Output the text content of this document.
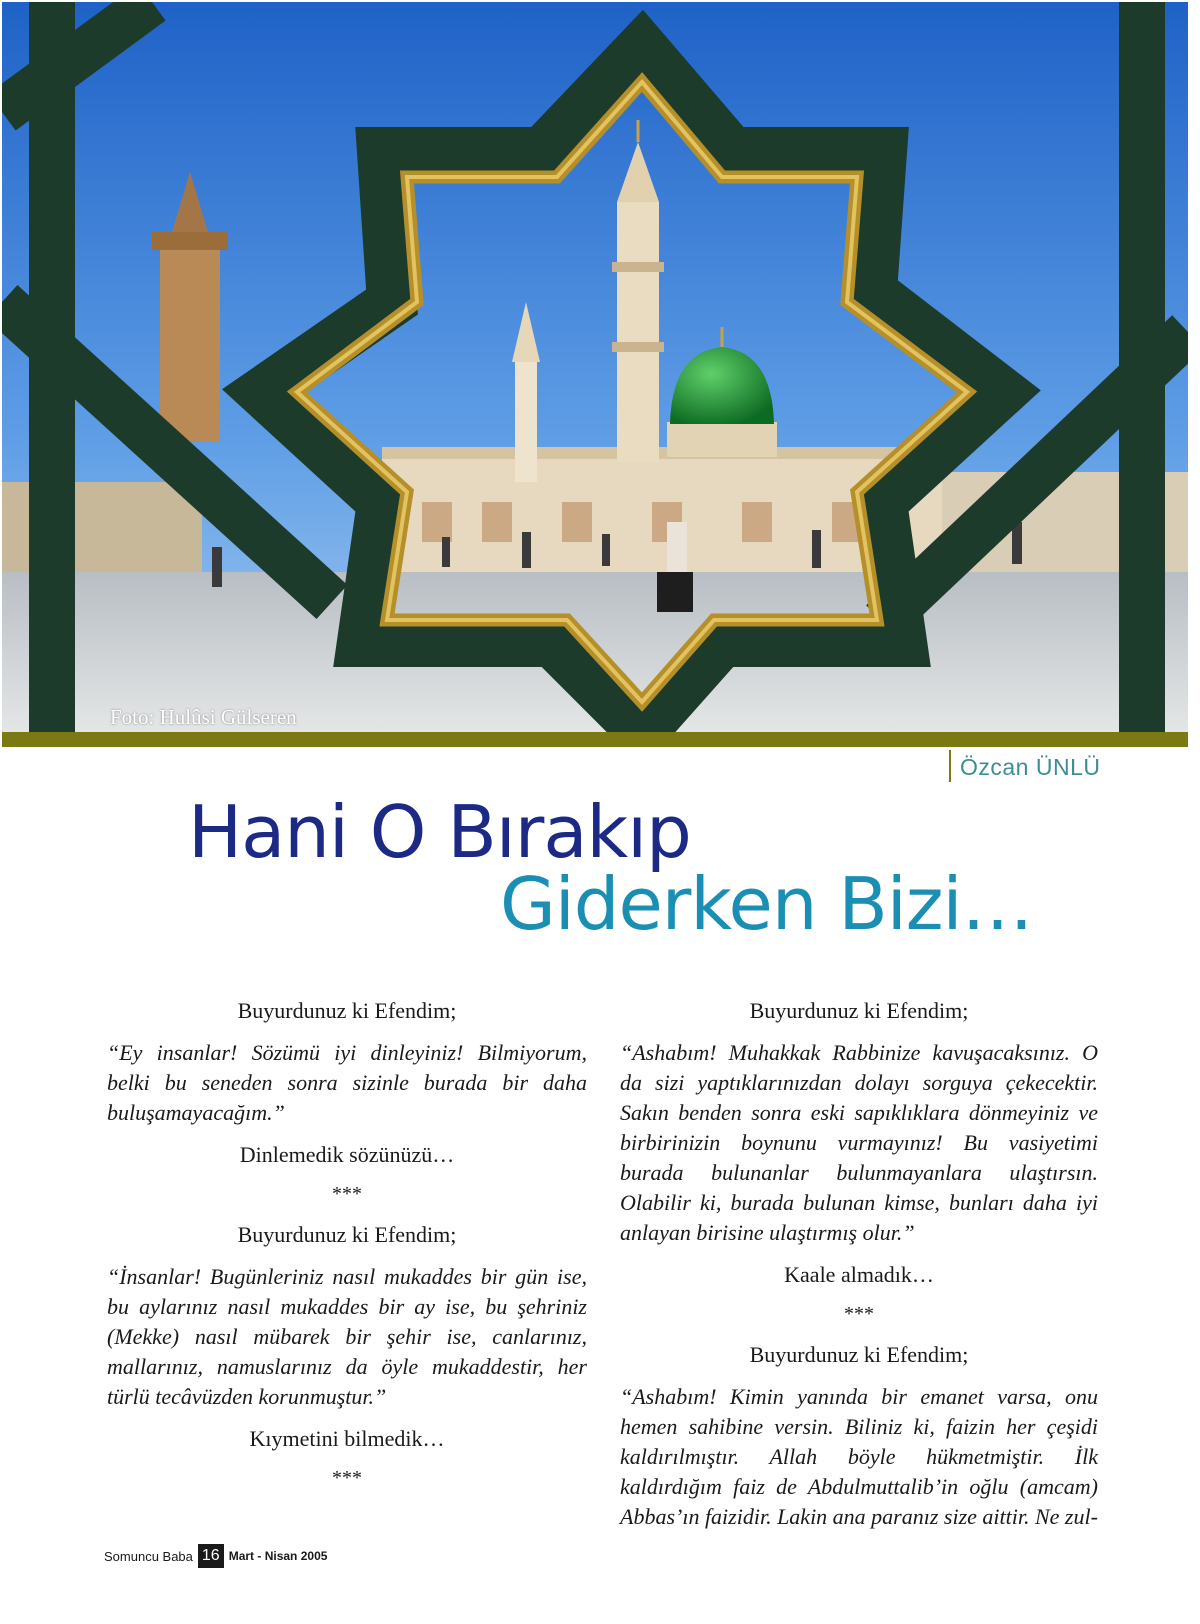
Foto: Hulûsi Gülseren
Özcan ÜNLÜ
Hani O Bırakıp
Giderken Bizi…

Buyurdunuz ki Efendim;

“Ey insanlar! Sözümü iyi dinleyiniz! Bilmiyorum, belki bu seneden sonra sizinle burada bir daha buluşamayacağım.”

Dinlemedik sözünüzü…

***

Buyurdunuz ki Efendim;

“İnsanlar! Bugünleriniz nasıl mukaddes bir gün ise, bu aylarınız nasıl mukaddes bir ay ise, bu şehriniz (Mekke) nasıl mübarek bir şehir ise, canlarınız, mallarınız, namuslarınız da öyle mukaddestir, her türlü tecâvüzden korunmuştur.”

Kıymetini bilmedik…

***

Buyurdunuz ki Efendim;

“Ashabım! Muhakkak Rabbinize kavuşacaksınız. O da sizi yaptıklarınızdan dolayı sorguya çekecektir. Sakın benden sonra eski sapıklıklara dönmeyiniz ve birbirinizin boynunu vurmayınız! Bu vasiyetimi burada bulunanlar bulunmayanlara ulaştırsın. Olabilir ki, burada bulunan kimse, bunları daha iyi anlayan birisine ulaştırmış olur.”

Kaale almadık…

***

Buyurdunuz ki Efendim;

“Ashabım! Kimin yanında bir emanet varsa, onu hemen sahibine versin. Biliniz ki, faizin her çeşidi kaldırılmıştır. Allah böyle hükmetmiştir. İlk kaldırdığım faiz de Abdulmuttalib’in oğlu (amcam) Abbas’ın faizidir. Lakin ana paranız size aittir. Ne zul-

Somuncu Baba 16 Mart - Nisan 2005
